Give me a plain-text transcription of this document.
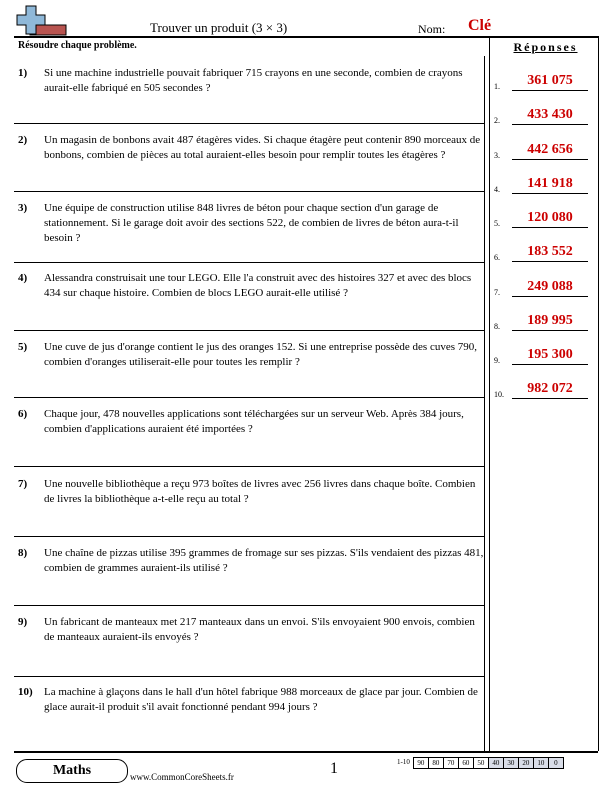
Trouver un produit (3 × 3)	Nom: Clé
Résoudre chaque problème.	Réponses
1)	Si une machine industrielle pouvait fabriquer 715 crayons en une seconde, combien de crayons aurait-elle fabriqué en 505 secondes ?
2)	Un magasin de bonbons avait 487 étagères vides. Si chaque étagère peut contenir 890 morceaux de bonbons, combien de pièces au total auraient-elles besoin pour remplir toutes les étagères ?
3)	Une équipe de construction utilise 848 livres de béton pour chaque section d'un garage de stationnement. Si le garage doit avoir des sections 522, de combien de livres de béton aura-t-il besoin ?
4)	Alessandra construisait une tour LEGO. Elle l'a construit avec des histoires 327 et avec des blocs 434 sur chaque histoire. Combien de blocs LEGO aurait-elle utilisé ?
5)	Une cuve de jus d'orange contient le jus des oranges 152. Si une entreprise possède des cuves 790, combien d'oranges utiliserait-elle pour toutes les remplir ?
6)	Chaque jour, 478 nouvelles applications sont téléchargées sur un serveur Web. Après 384 jours, combien d'applications auraient été importées ?
7)	Une nouvelle bibliothèque a reçu 973 boîtes de livres avec 256 livres dans chaque boîte. Combien de livres la bibliothèque a-t-elle reçu au total ?
8)	Une chaîne de pizzas utilise 395 grammes de fromage sur ses pizzas. S'ils vendaient des pizzas 481, combien de grammes auraient-ils utilisé ?
9)	Un fabricant de manteaux met 217 manteaux dans un envoi. S'ils envoyaient 900 envois, combien de manteaux auraient-ils envoyés ?
10)	La machine à glaçons dans le hall d'un hôtel fabrique 988 morceaux de glace par jour. Combien de glace aurait-il produit s'il avait fonctionné pendant 994 jours ?
1.	361 075
2.	433 430
3.	442 656
4.	141 918
5.	120 080
6.	183 552
7.	249 088
8.	189 995
9.	195 300
10.	982 072
Maths	www.CommonCoreSheets.fr	1	1-10	90	80	70	60	50	40	30	20	10	0
